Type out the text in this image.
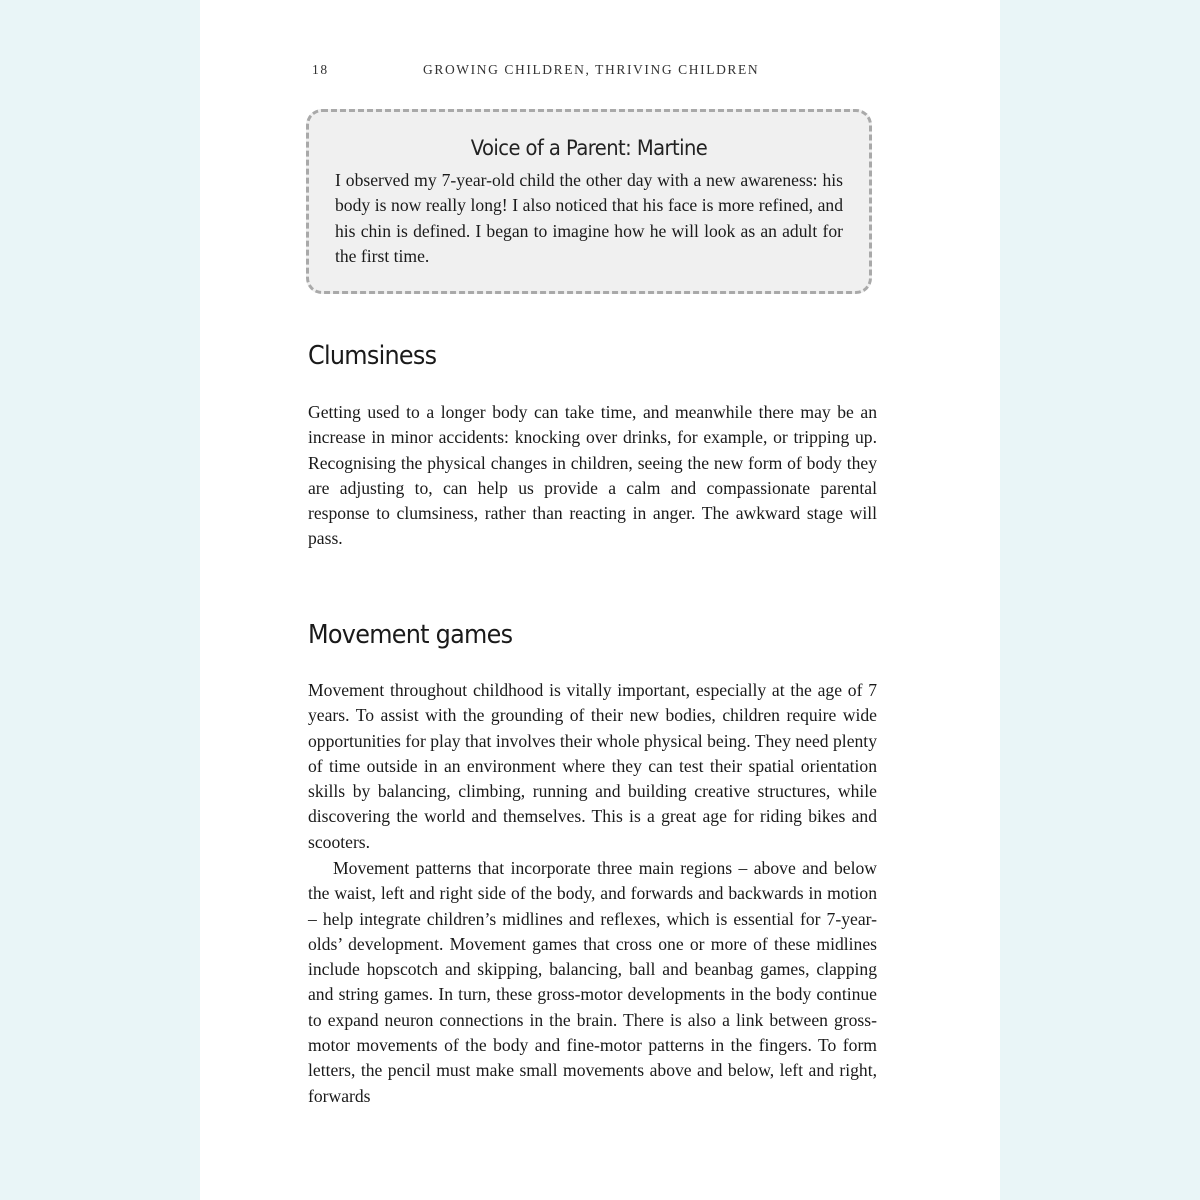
18	GROWING CHILDREN, THRIVING CHILDREN
Voice of a Parent: Martine

I observed my 7-year-old child the other day with a new awareness: his body is now really long! I also noticed that his face is more refined, and his chin is defined. I began to imagine how he will look as an adult for the first time.

Clumsiness

Getting used to a longer body can take time, and meanwhile there may be an increase in minor accidents: knocking over drinks, for example, or tripping up. Recognising the physical changes in children, seeing the new form of body they are adjusting to, can help us provide a calm and compassionate parental response to clumsiness, rather than reacting in anger. The awkward stage will pass.

Movement games

Movement throughout childhood is vitally important, especially at the age of 7 years. To assist with the grounding of their new bodies, children require wide opportunities for play that involves their whole physical being. They need plenty of time outside in an environment where they can test their spatial orientation skills by balancing, climbing, running and building creative structures, while discovering the world and themselves. This is a great age for riding bikes and scooters.

Movement patterns that incorporate three main regions – above and below the waist, left and right side of the body, and forwards and backwards in motion – help integrate children’s midlines and reflexes, which is essential for 7-year-olds’ development. Movement games that cross one or more of these midlines include hopscotch and skipping, balancing, ball and beanbag games, clapping and string games. In turn, these gross-motor developments in the body continue to expand neuron connections in the brain. There is also a link between gross-motor movements of the body and fine-motor patterns in the fingers. To form letters, the pencil must make small movements above and below, left and right, forwards
